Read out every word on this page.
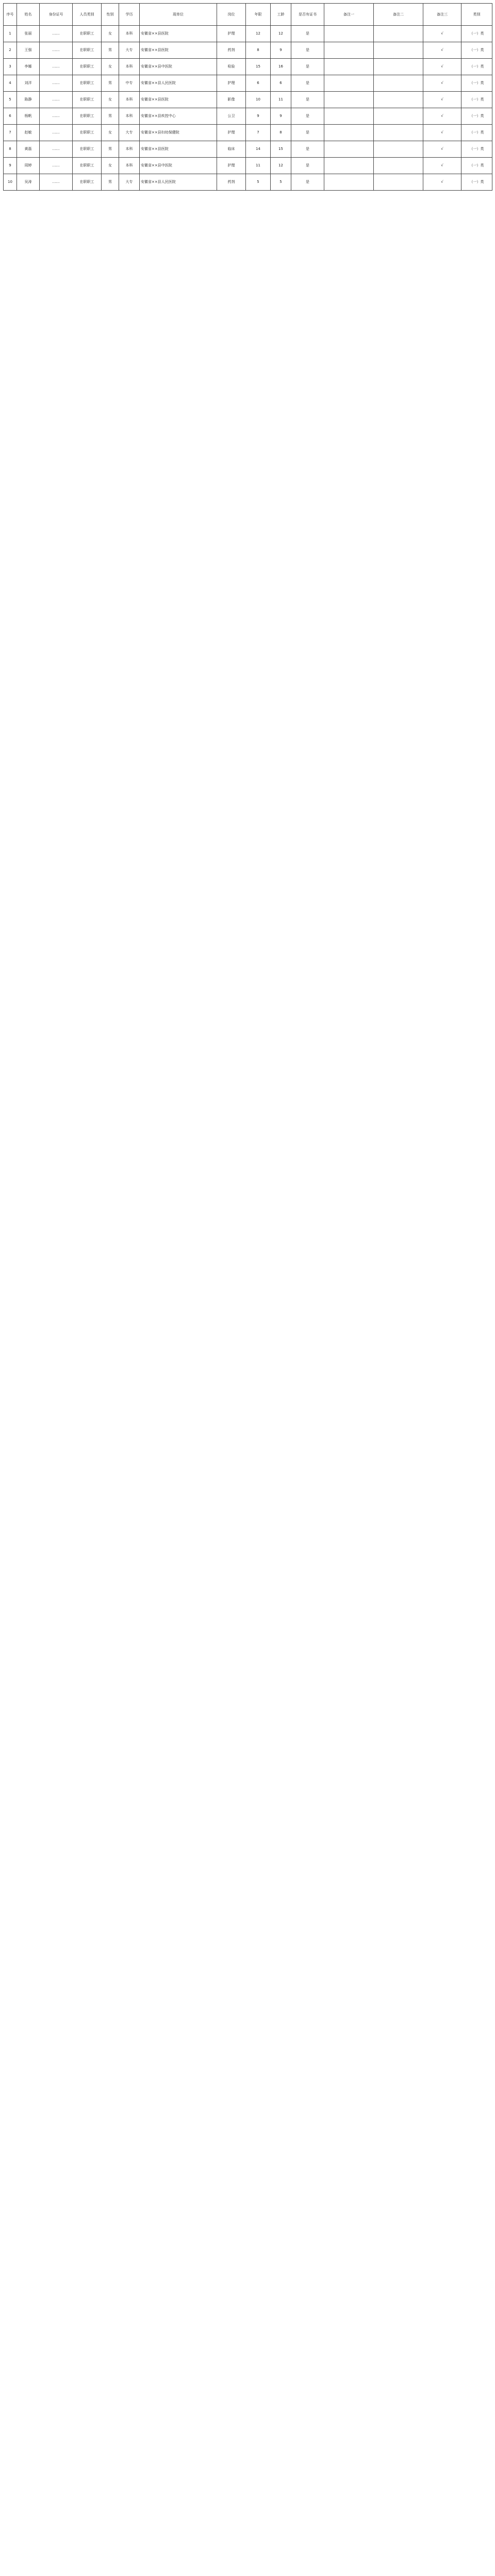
序号	姓名	身份证号	人员类别	性别	学历	现单位	岗位	年限	工龄	是否有证书	备注一	备注二	备注三	类别
1	张丽	……	在职职工	女	本科	安徽省××县医院	护理	12	12	是			√	（一）类
2	王强	……	在职职工	男	大专	安徽省××县医院	药剂	8	9	是			√	（一）类
3	李娜	……	在职职工	女	本科	安徽省××县中医院	检验	15	16	是			√	（一）类
4	刘洋	……	在职职工	男	中专	安徽省××县人民医院	护理	6	6	是			√	（一）类
5	陈静	……	在职职工	女	本科	安徽省××县医院	影像	10	11	是			√	（一）类
6	杨帆	……	在职职工	男	本科	安徽省××县疾控中心	公卫	9	9	是			√	（一）类
7	赵敏	……	在职职工	女	大专	安徽省××县妇幼保健院	护理	7	8	是			√	（一）类
8	黄磊	……	在职职工	男	本科	安徽省××县医院	临床	14	15	是			√	（一）类
9	周婷	……	在职职工	女	本科	安徽省××县中医院	护理	11	12	是			√	（一）类
10	吴涛	……	在职职工	男	大专	安徽省××县人民医院	药剂	5	5	是			√	（一）类
